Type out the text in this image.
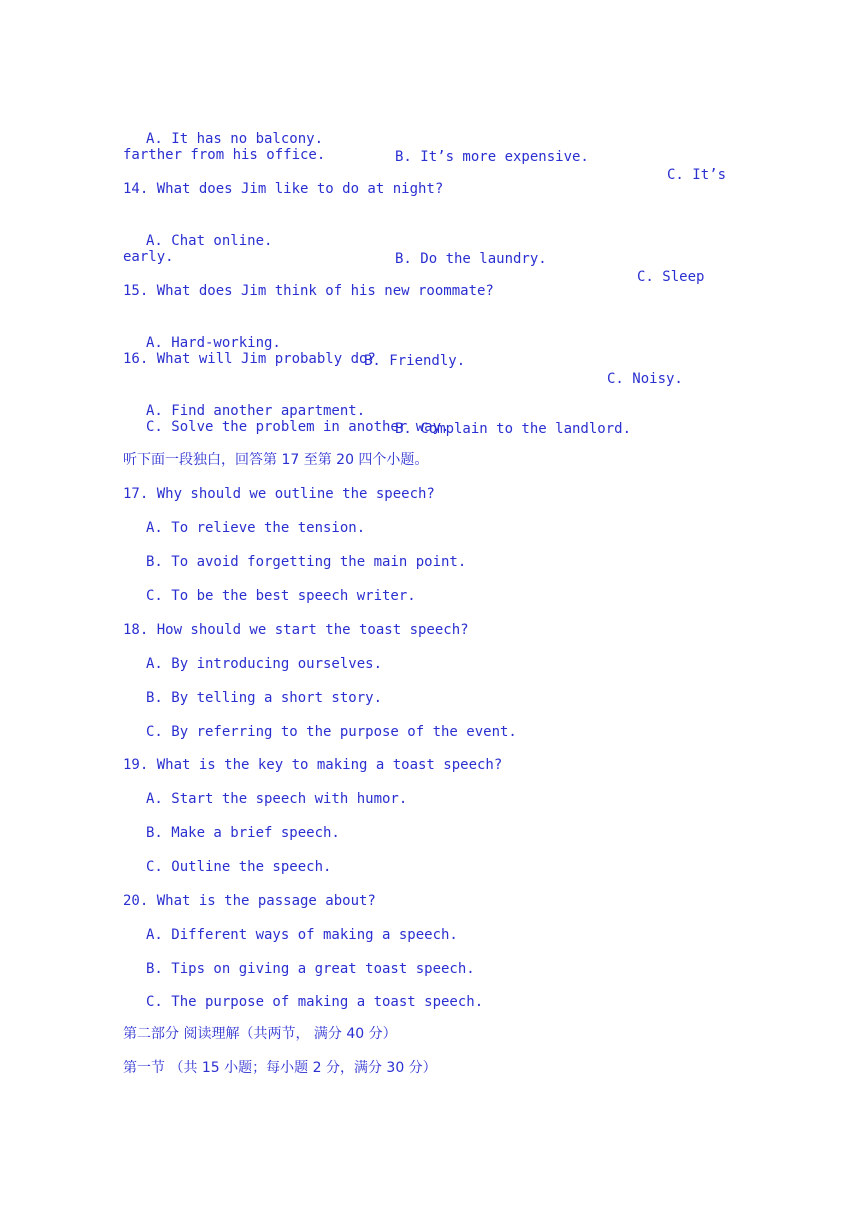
A. It has no balcony.

B. It’s more expensive.

C. It’s

farther from his office.
14. What does Jim like to do at night?

A. Chat online.

B. Do the laundry.

C. Sleep

early.
15. What does Jim think of his new roommate?

A. Hard-working.

B. Friendly.

C. Noisy.

16. What will Jim probably do?

A. Find another apartment.

B. Complain to the landlord.

C. Solve the problem in another way.
听下面一段独白，回答第 17 至第 20 四个小题。
17. Why should we outline the speech?
A. To relieve the tension.
B. To avoid forgetting the main point.
C. To be the best speech writer.
18. How should we start the toast speech?
A. By introducing ourselves.
B. By telling a short story.
C. By referring to the purpose of the event.
19. What is the key to making a toast speech?
A. Start the speech with humor.
B. Make a brief speech.
C. Outline the speech.
20. What is the passage about?
A. Different ways of making a speech.
B. Tips on giving a great toast speech.
C. The purpose of making a toast speech.
第二部分 阅读理解（共两节， 满分 40 分）
第一节 （共 15 小题；每小题 2 分，满分 30 分）
